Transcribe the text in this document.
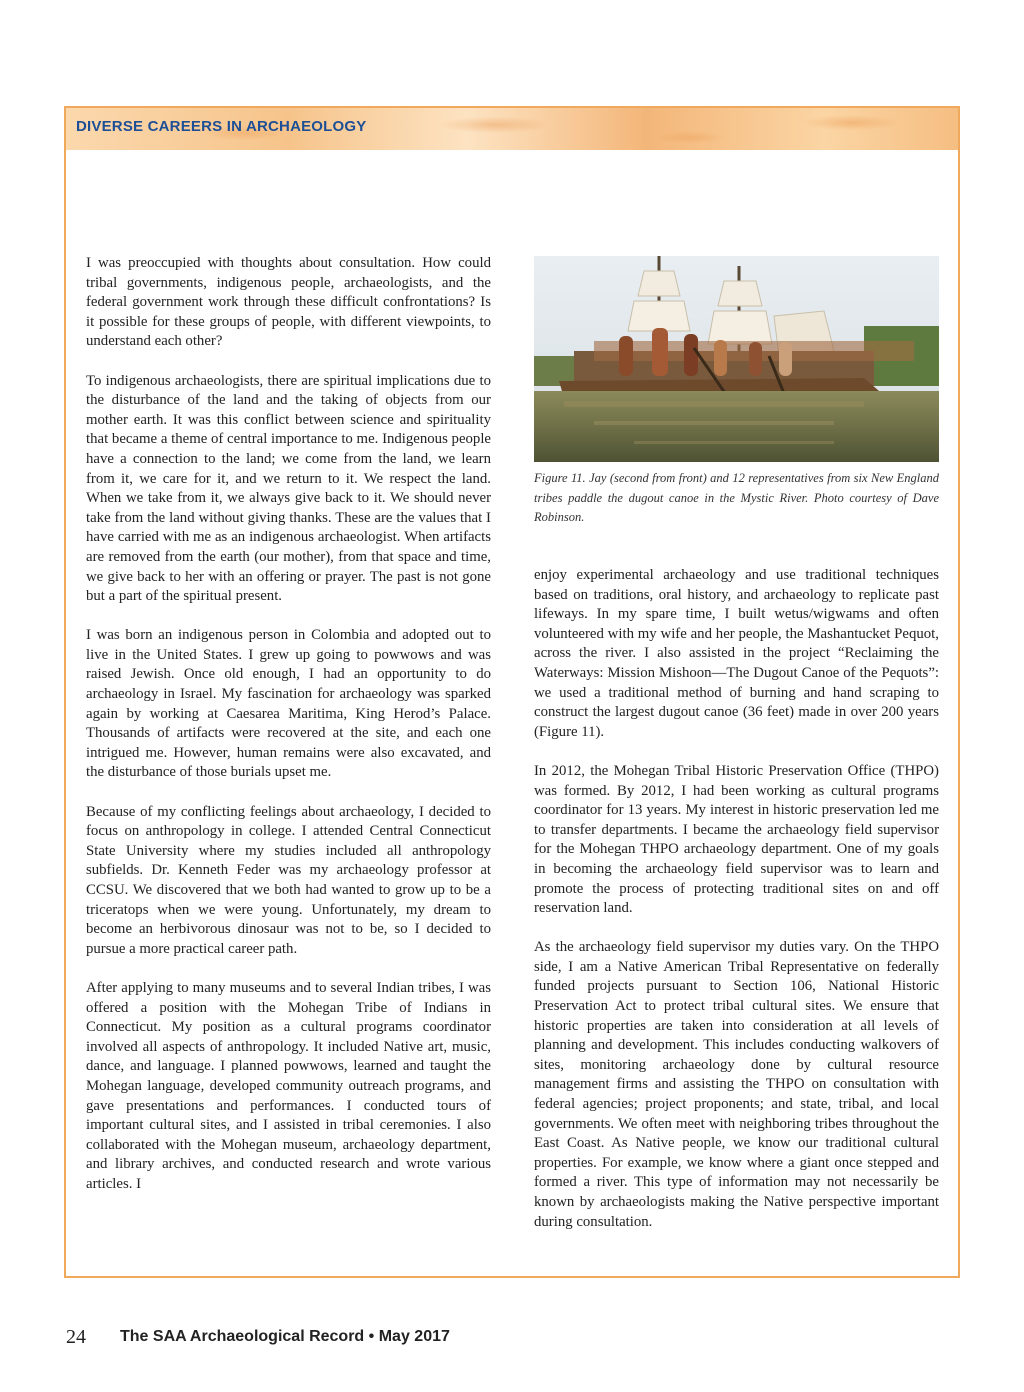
DIVERSE CAREERS IN ARCHAEOLOGY

I was preoccupied with thoughts about consultation. How could tribal governments, indigenous people, archaeologists, and the federal government work through these difficult confrontations? Is it possible for these groups of people, with different viewpoints, to understand each other?

To indigenous archaeologists, there are spiritual implications due to the disturbance of the land and the taking of objects from our mother earth. It was this conflict between science and spirituality that became a theme of central importance to me. Indigenous people have a connection to the land; we come from the land, we learn from it, we care for it, and we return to it. We respect the land. When we take from it, we always give back to it. We should never take from the land without giving thanks. These are the values that I have carried with me as an indigenous archaeologist. When artifacts are removed from the earth (our mother), from that space and time, we give back to her with an offering or prayer. The past is not gone but a part of the spiritual present.

I was born an indigenous person in Colombia and adopted out to live in the United States. I grew up going to powwows and was raised Jewish. Once old enough, I had an opportunity to do archaeology in Israel. My fascination for archaeology was sparked again by working at Caesarea Maritima, King Herod’s Palace. Thousands of artifacts were recovered at the site, and each one intrigued me. However, human remains were also excavated, and the disturbance of those burials upset me.

Because of my conflicting feelings about archaeology, I decided to focus on anthropology in college. I attended Central Connecticut State University where my studies included all anthropology subfields. Dr. Kenneth Feder was my archaeology professor at CCSU. We discovered that we both had wanted to grow up to be a triceratops when we were young. Unfortunately, my dream to become an herbivorous dinosaur was not to be, so I decided to pursue a more practical career path.

After applying to many museums and to several Indian tribes, I was offered a position with the Mohegan Tribe of Indians in Connecticut. My position as a cultural programs coordinator involved all aspects of anthropology. It included Native art, music, dance, and language. I planned powwows, learned and taught the Mohegan language, developed community outreach programs, and gave presentations and performances. I conducted tours of important cultural sites, and I assisted in tribal ceremonies. I also collaborated with the Mohegan museum, archaeology department, and library archives, and conducted research and wrote various articles. I

Figure 11. Jay (second from front) and 12 representatives from six New England tribes paddle the dugout canoe in the Mystic River. Photo courtesy of Dave Robinson.

enjoy experimental archaeology and use traditional techniques based on traditions, oral history, and archaeology to replicate past lifeways. In my spare time, I built wetus/wigwams and often volunteered with my wife and her people, the Mashantucket Pequot, across the river. I also assisted in the project “Reclaiming the Waterways: Mission Mishoon—The Dugout Canoe of the Pequots”: we used a traditional method of burning and hand scraping to construct the largest dugout canoe (36 feet) made in over 200 years (Figure 11).

In 2012, the Mohegan Tribal Historic Preservation Office (THPO) was formed. By 2012, I had been working as cultural programs coordinator for 13 years. My interest in historic preservation led me to transfer departments. I became the archaeology field supervisor for the Mohegan THPO archaeology department. One of my goals in becoming the archaeology field supervisor was to learn and promote the process of protecting traditional sites on and off reservation land.

As the archaeology field supervisor my duties vary. On the THPO side, I am a Native American Tribal Representative on federally funded projects pursuant to Section 106, National Historic Preservation Act to protect tribal cultural sites. We ensure that historic properties are taken into consideration at all levels of planning and development. This includes conducting walkovers of sites, monitoring archaeology done by cultural resource management firms and assisting the THPO on consultation with federal agencies; project proponents; and state, tribal, and local governments. We often meet with neighboring tribes throughout the East Coast. As Native people, we know our traditional cultural properties. For example, we know where a giant once stepped and formed a river. This type of information may not necessarily be known by archaeologists making the Native perspective important during consultation.

24 The SAA Archaeological Record • May 2017
